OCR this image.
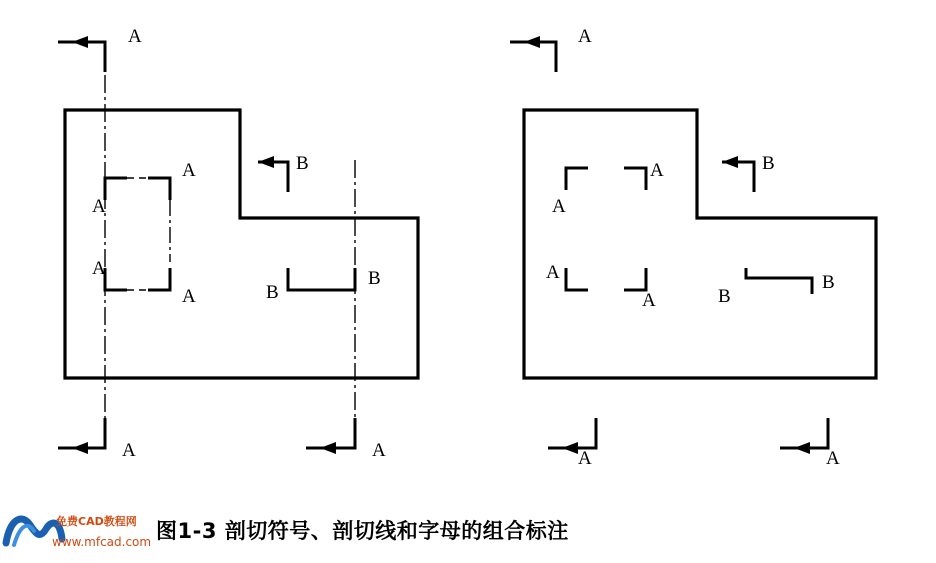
A
A
B
A
A
A
A
A	B
B
A
A
B
A
A
A
A
A	B
B
免费CAD教程网
www.mfcad.com 图1-3 剖切符号、剖切线和字母的组合标注
